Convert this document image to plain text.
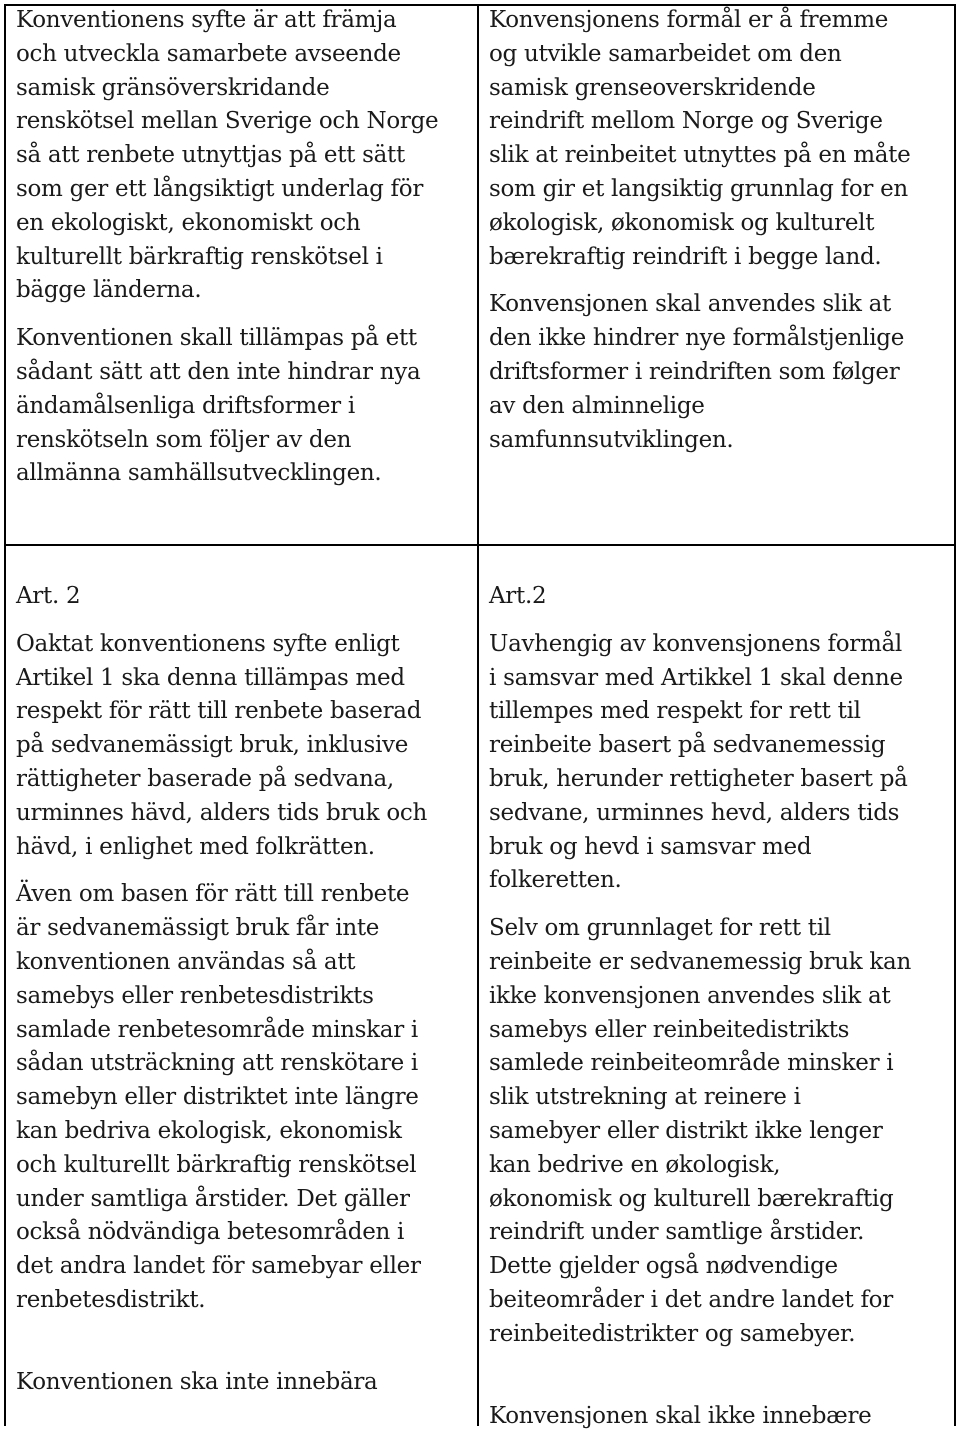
Konventionens syfte är att främja
och utveckla samarbete avseende
samisk gränsöverskridande
renskötsel mellan Sverige och Norge
så att renbete utnyttjas på ett sätt
som ger ett långsiktigt underlag för
en ekologiskt, ekonomiskt och
kulturellt bärkraftig renskötsel i
bägge länderna.

Konventionen skall tillämpas på ett
sådant sätt att den inte hindrar nya
ändamålsenliga driftsformer i
renskötseln som följer av den
allmänna samhällsutvecklingen.

Konvensjonens formål er å fremme
og utvikle samarbeidet om den
samisk grenseoverskridende
reindrift mellom Norge og Sverige
slik at reinbeitet utnyttes på en måte
som gir et langsiktig grunnlag for en
økologisk, økonomisk og kulturelt
bærekraftig reindrift i begge land.

Konvensjonen skal anvendes slik at
den ikke hindrer nye formålstjenlige
driftsformer i reindriften som følger
av den alminnelige
samfunnsutviklingen.

Art. 2

Oaktat konventionens syfte enligt
Artikel 1 ska denna tillämpas med
respekt för rätt till renbete baserad
på sedvanemässigt bruk, inklusive
rättigheter baserade på sedvana,
urminnes hävd, alders tids bruk och
hävd, i enlighet med folkrätten.

Även om basen för rätt till renbete
är sedvanemässigt bruk får inte
konventionen användas så att
samebys eller renbetesdistrikts
samlade renbetesområde minskar i
sådan utsträckning att renskötare i
samebyn eller distriktet inte längre
kan bedriva ekologisk, ekonomisk
och kulturellt bärkraftig renskötsel
under samtliga årstider. Det gäller
också nödvändiga betesområden i
det andra landet för samebyar eller
renbetesdistrikt.

Konventionen ska inte innebära

Art.2

Uavhengig av konvensjonens formål
i samsvar med Artikkel 1 skal denne
tillempes med respekt for rett til
reinbeite basert på sedvanemessig
bruk, herunder rettigheter basert på
sedvane, urminnes hevd, alders tids
bruk og hevd i samsvar med
folkeretten.

Selv om grunnlaget for rett til
reinbeite er sedvanemessig bruk kan
ikke konvensjonen anvendes slik at
samebys eller reinbeitedistrikts
samlede reinbeiteområde minsker i
slik utstrekning at reinere i
samebyer eller distrikt ikke lenger
kan bedrive en økologisk,
økonomisk og kulturell bærekraftig
reindrift under samtlige årstider.
Dette gjelder også nødvendige
beiteområder i det andre landet for
reinbeitedistrikter og samebyer.

Konvensjonen skal ikke innebære
